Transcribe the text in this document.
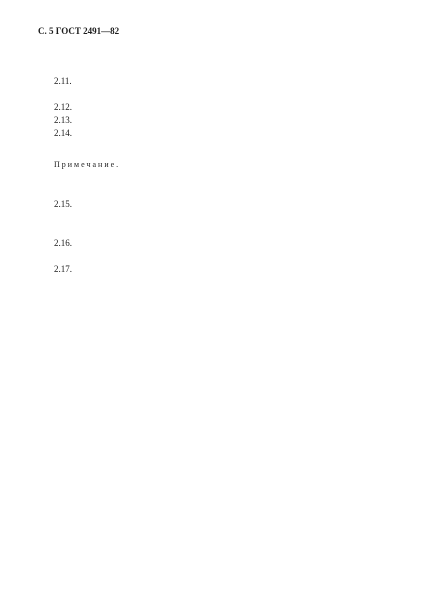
С. 5 ГОСТ 2491—82

2.11.

2.12.

2.13.

2.14.

Примечание.

2.15.

2.16.

2.17.
